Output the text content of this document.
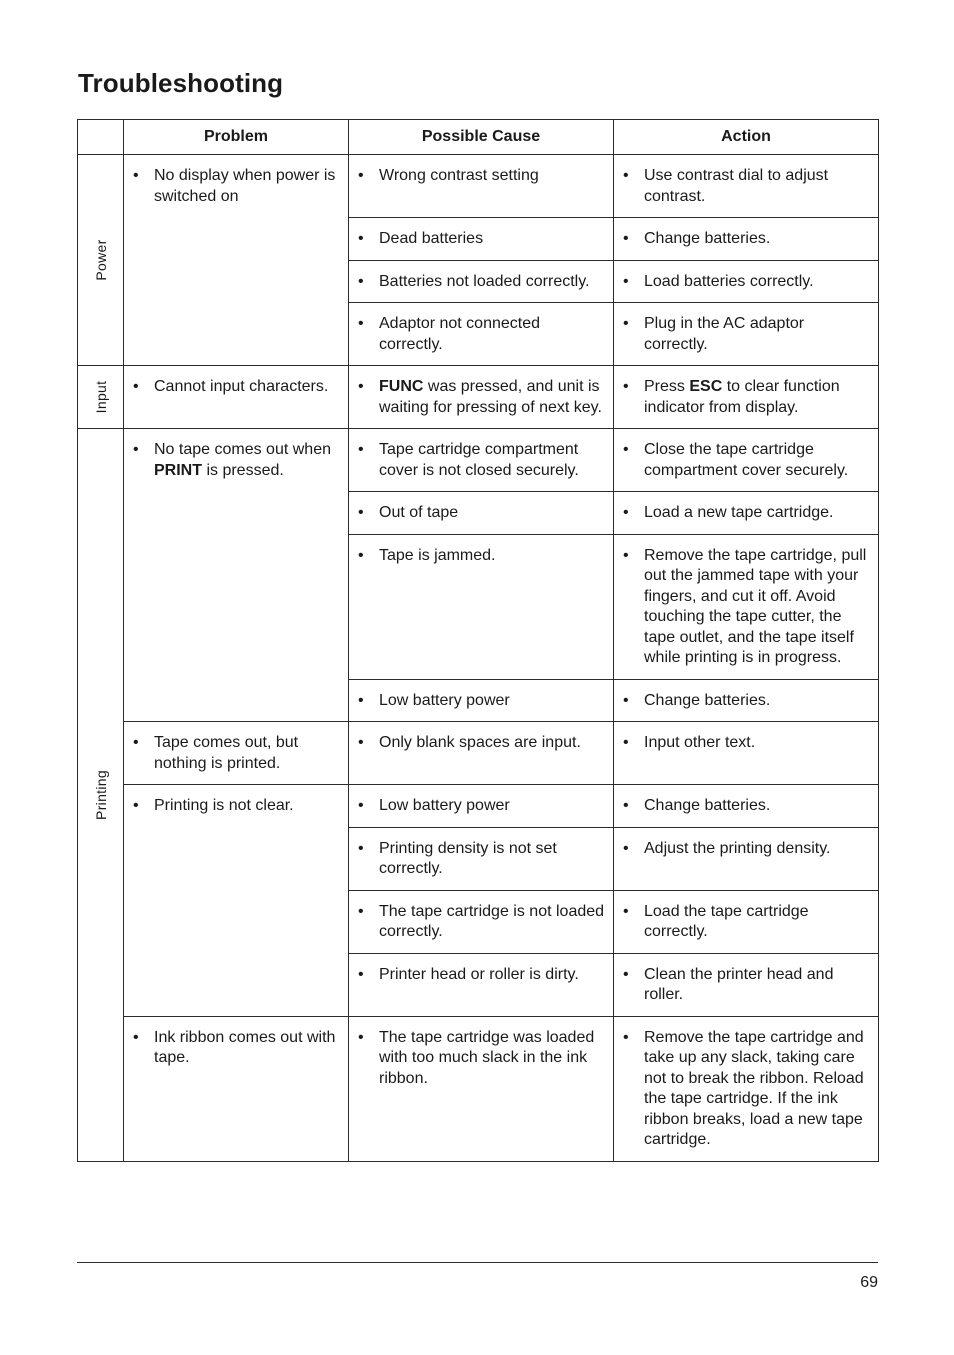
Troubleshooting
	Problem	Possible Cause	Action

Power	• No display when power is switched on	• Wrong contrast setting	• Use contrast dial to adjust contrast.

		• Dead batteries	• Change batteries.

		• Batteries not loaded correctly.	• Load batteries correctly.

		• Adaptor not connected correctly.	• Plug in the AC adaptor correctly.

Input	• Cannot input characters.	• FUNC was pressed, and unit is waiting for pressing of next key.	• Press ESC to clear function indicator from display.

Printing	• No tape comes out when PRINT is pressed.	• Tape cartridge compartment cover is not closed securely.	• Close the tape cartridge compartment cover securely.

		• Out of tape	• Load a new tape cartridge.

		• Tape is jammed.	• Remove the tape cartridge, pull out the jammed tape with your fingers, and cut it off. Avoid touching the tape cutter, the tape outlet, and the tape itself while printing is in progress.

		• Low battery power	• Change batteries.

	• Tape comes out, but nothing is printed.	• Only blank spaces are input.	• Input other text.

	• Printing is not clear.	• Low battery power	• Change batteries.

		• Printing density is not set correctly.	• Adjust the printing density.

		• The tape cartridge is not loaded correctly.	• Load the tape cartridge correctly.

		• Printer head or roller is dirty.	• Clean the printer head and roller.

	• Ink ribbon comes out with tape.	• The tape cartridge was loaded with too much slack in the ink ribbon.	• Remove the tape cartridge and take up any slack, taking care not to break the ribbon. Reload the tape cartridge. If the ink ribbon breaks, load a new tape cartridge.
69
